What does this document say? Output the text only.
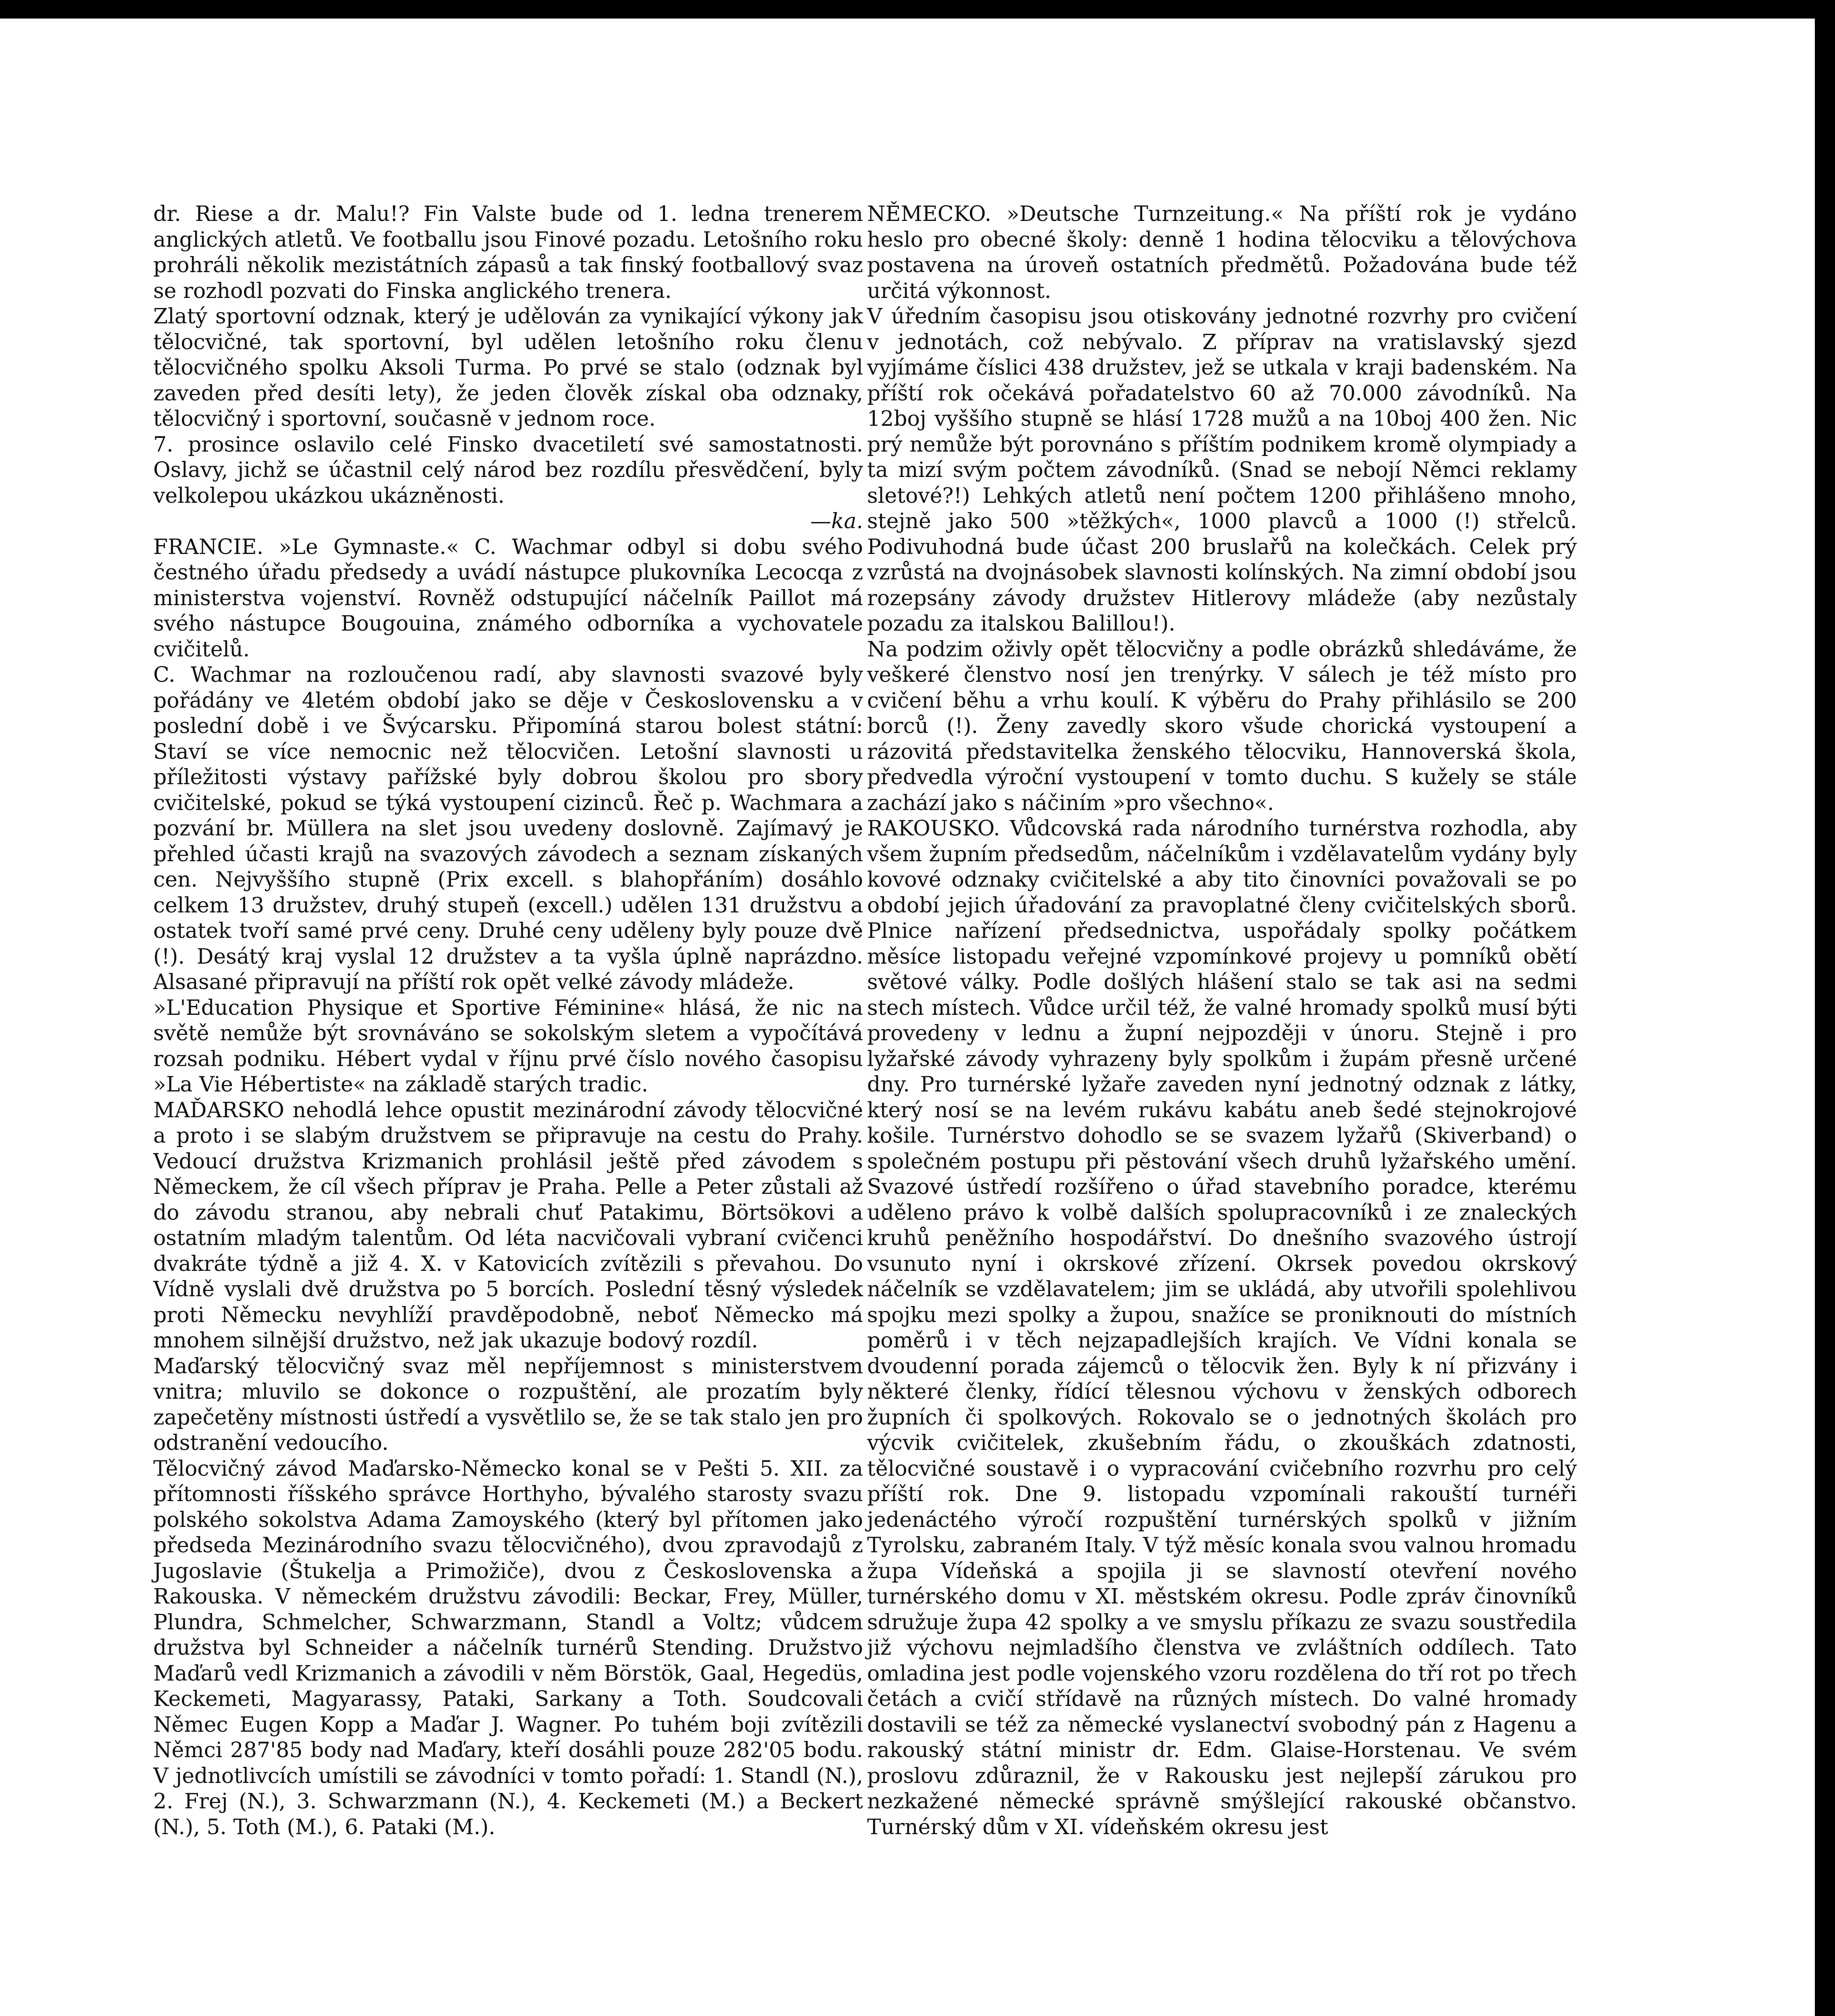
dr. Riese a dr. Malu!? Fin Valste bude od 1. ledna trenerem anglických atletů. Ve footballu jsou Finové pozadu. Letošního roku prohráli několik mezistátních zápasů a tak finský footballový svaz se rozhodl pozvati do Finska anglického trenera.

Zlatý sportovní odznak, který je udělován za vynikající výkony jak tělocvičné, tak sportovní, byl udělen letošního roku členu tělocvičného spolku Aksoli Turma. Po prvé se stalo (odznak byl zaveden před desíti lety), že jeden člověk získal oba odznaky, tělocvičný i sportovní, současně v jednom roce.

7. prosince oslavilo celé Finsko dvacetiletí své samostatnosti. Oslavy, jichž se účastnil celý národ bez rozdílu přesvědčení, byly velkolepou ukázkou ukázněnosti.

—ka.

FRANCIE. »Le Gymnaste.« C. Wachmar odbyl si dobu svého čestného úřadu předsedy a uvádí nástupce plukovníka Lecocqa z ministerstva vojenství. Rovněž odstupující náčelník Paillot má svého nástupce Bougouina, známého odborníka a vychovatele cvičitelů.

C. Wachmar na rozloučenou radí, aby slavnosti svazové byly pořádány ve 4letém období jako se děje v Československu a v poslední době i ve Švýcarsku. Připomíná starou bolest státní: Staví se více nemocnic než tělocvičen. Letošní slavnosti u příležitosti výstavy pařížské byly dobrou školou pro sbory cvičitelské, pokud se týká vystoupení cizinců. Řeč p. Wachmara a pozvání br. Müllera na slet jsou uvedeny doslovně. Zajímavý je přehled účasti krajů na svazových závodech a seznam získaných cen. Nejvyššího stupně (Prix excell. s blahopřáním) dosáhlo celkem 13 družstev, druhý stupeň (excell.) udělen 131 družstvu a ostatek tvoří samé prvé ceny. Druhé ceny uděleny byly pouze dvě (!). Desátý kraj vyslal 12 družstev a ta vyšla úplně naprázdno. Alsasané připravují na příští rok opět velké závody mládeže.

»L'Education Physique et Sportive Féminine« hlásá, že nic na světě nemůže být srovnáváno se sokolským sletem a vypočítává rozsah podniku. Hébert vydal v říjnu prvé číslo nového časopisu »La Vie Hébertiste« na základě starých tradic.

MAĎARSKO nehodlá lehce opustit mezinárodní závody tělocvičné a proto i se slabým družstvem se připravuje na cestu do Prahy. Vedoucí družstva Krizmanich prohlásil ještě před závodem s Německem, že cíl všech příprav je Praha. Pelle a Peter zůstali až do závodu stranou, aby nebrali chuť Patakimu, Börtsökovi a ostatním mladým talentům. Od léta nacvičovali vybraní cvičenci dvakráte týdně a již 4. X. v Katovicích zvítězili s převahou. Do Vídně vyslali dvě družstva po 5 borcích. Poslední těsný výsledek proti Německu nevyhlíží pravděpodobně, neboť Německo má mnohem silnější družstvo, než jak ukazuje bodový rozdíl.

Maďarský tělocvičný svaz měl nepříjemnost s ministerstvem vnitra; mluvilo se dokonce o rozpuštění, ale prozatím byly zapečetěny místnosti ústředí a vysvětlilo se, že se tak stalo jen pro odstranění vedoucího.

Tělocvičný závod Maďarsko-Německo konal se v Pešti 5. XII. za přítomnosti říšského správce Horthyho, bývalého starosty svazu polského sokolstva Adama Zamoyského (který byl přítomen jako předseda Mezinárodního svazu tělocvičného), dvou zpravodajů z Jugoslavie (Štukelja a Primožiče), dvou z Československa a Rakouska. V německém družstvu závodili: Beckar, Frey, Müller, Plundra, Schmelcher, Schwarzmann, Standl a Voltz; vůdcem družstva byl Schneider a náčelník turnérů Stending. Družstvo Maďarů vedl Krizmanich a závodili v něm Börstök, Gaal, Hegedüs, Keckemeti, Magyarassy, Pataki, Sarkany a Toth. Soudcovali Němec Eugen Kopp a Maďar J. Wagner. Po tuhém boji zvítězili Němci 287'85 body nad Maďary, kteří dosáhli pouze 282'05 bodu. V jednotlivcích umístili se závodníci v tomto pořadí: 1. Standl (N.), 2. Frej (N.), 3. Schwarzmann (N.), 4. Keckemeti (M.) a Beckert (N.), 5. Toth (M.), 6. Pataki (M.).

NĚMECKO. »Deutsche Turnzeitung.« Na příští rok je vydáno heslo pro obecné školy: denně 1 hodina tělocviku a tělovýchova postavena na úroveň ostatních předmětů. Požadována bude též určitá výkonnost.

V úředním časopisu jsou otiskovány jednotné rozvrhy pro cvičení v jednotách, což nebývalo. Z příprav na vratislavský sjezd vyjímáme číslici 438 družstev, jež se utkala v kraji badenském. Na příští rok očekává pořadatelstvo 60 až 70.000 závodníků. Na 12boj vyššího stupně se hlásí 1728 mužů a na 10boj 400 žen. Nic prý nemůže být porovnáno s příštím podnikem kromě olympiady a ta mizí svým počtem závodníků. (Snad se nebojí Němci reklamy sletové?!) Lehkých atletů není počtem 1200 přihlášeno mnoho, stejně jako 500 »těžkých«, 1000 plavců a 1000 (!) střelců. Podivuhodná bude účast 200 bruslařů na kolečkách. Celek prý vzrůstá na dvojnásobek slavnosti kolínských. Na zimní období jsou rozepsány závody družstev Hitlerovy mládeže (aby nezůstaly pozadu za italskou Balillou!).

Na podzim oživly opět tělocvičny a podle obrázků shledáváme, že veškeré členstvo nosí jen trenýrky. V sálech je též místo pro cvičení běhu a vrhu koulí. K výběru do Prahy přihlásilo se 200 borců (!). Ženy zavedly skoro všude chorická vystoupení a rázovitá představitelka ženského tělocviku, Hannoverská škola, předvedla výroční vystoupení v tomto duchu. S kužely se stále zachází jako s náčiním »pro všechno«.

RAKOUSKO. Vůdcovská rada národního turnérstva rozhodla, aby všem župním předsedům, náčelníkům i vzdělavatelům vydány byly kovové odznaky cvičitelské a aby tito činovníci považovali se po období jejich úřadování za pravoplatné členy cvičitelských sborů. Plnice nařízení předsednictva, uspořádaly spolky počátkem měsíce listopadu veřejné vzpomínkové projevy u pomníků obětí světové války. Podle došlých hlášení stalo se tak asi na sedmi stech místech. Vůdce určil též, že valné hromady spolků musí býti provedeny v lednu a župní nejpozději v únoru. Stejně i pro lyžařské závody vyhrazeny byly spolkům i župám přesně určené dny. Pro turnérské lyžaře zaveden nyní jednotný odznak z látky, který nosí se na levém rukávu kabátu aneb šedé stejnokrojové košile. Turnérstvo dohodlo se se svazem lyžařů (Skiverband) o společném postupu při pěstování všech druhů lyžařského umění. Svazové ústředí rozšířeno o úřad stavebního poradce, kterému uděleno právo k volbě dalších spolupracovníků i ze znaleckých kruhů peněžního hospodářství. Do dnešního svazového ústrojí vsunuto nyní i okrskové zřízení. Okrsek povedou okrskový náčelník se vzdělavatelem; jim se ukládá, aby utvořili spolehlivou spojku mezi spolky a župou, snažíce se proniknouti do místních poměrů i v těch nejzapadlejších krajích. Ve Vídni konala se dvoudenní porada zájemců o tělocvik žen. Byly k ní přizvány i některé členky, řídící tělesnou výchovu v ženských odborech župních či spolkových. Rokovalo se o jednotných školách pro výcvik cvičitelek, zkušebním řádu, o zkouškách zdatnosti, tělocvičné soustavě i o vypracování cvičebního rozvrhu pro celý příští rok. Dne 9. listopadu vzpomínali rakouští turnéři jedenáctého výročí rozpuštění turnérských spolků v jižním Tyrolsku, zabraném Italy. V týž měsíc konala svou valnou hromadu župa Vídeňská a spojila ji se slavností otevření nového turnérského domu v XI. městském okresu. Podle zpráv činovníků sdružuje župa 42 spolky a ve smyslu příkazu ze svazu soustředila již výchovu nejmladšího členstva ve zvláštních oddílech. Tato omladina jest podle vojenského vzoru rozdělena do tří rot po třech četách a cvičí střídavě na různých místech. Do valné hromady dostavili se též za německé vyslanectví svobodný pán z Hagenu a rakouský státní ministr dr. Edm. Glaise-Horstenau. Ve svém proslovu zdůraznil, že v Rakousku jest nejlepší zárukou pro nezkažené německé správně smýšlející rakouské občanstvo. Turnérský dům v XI. vídeňském okresu jest
